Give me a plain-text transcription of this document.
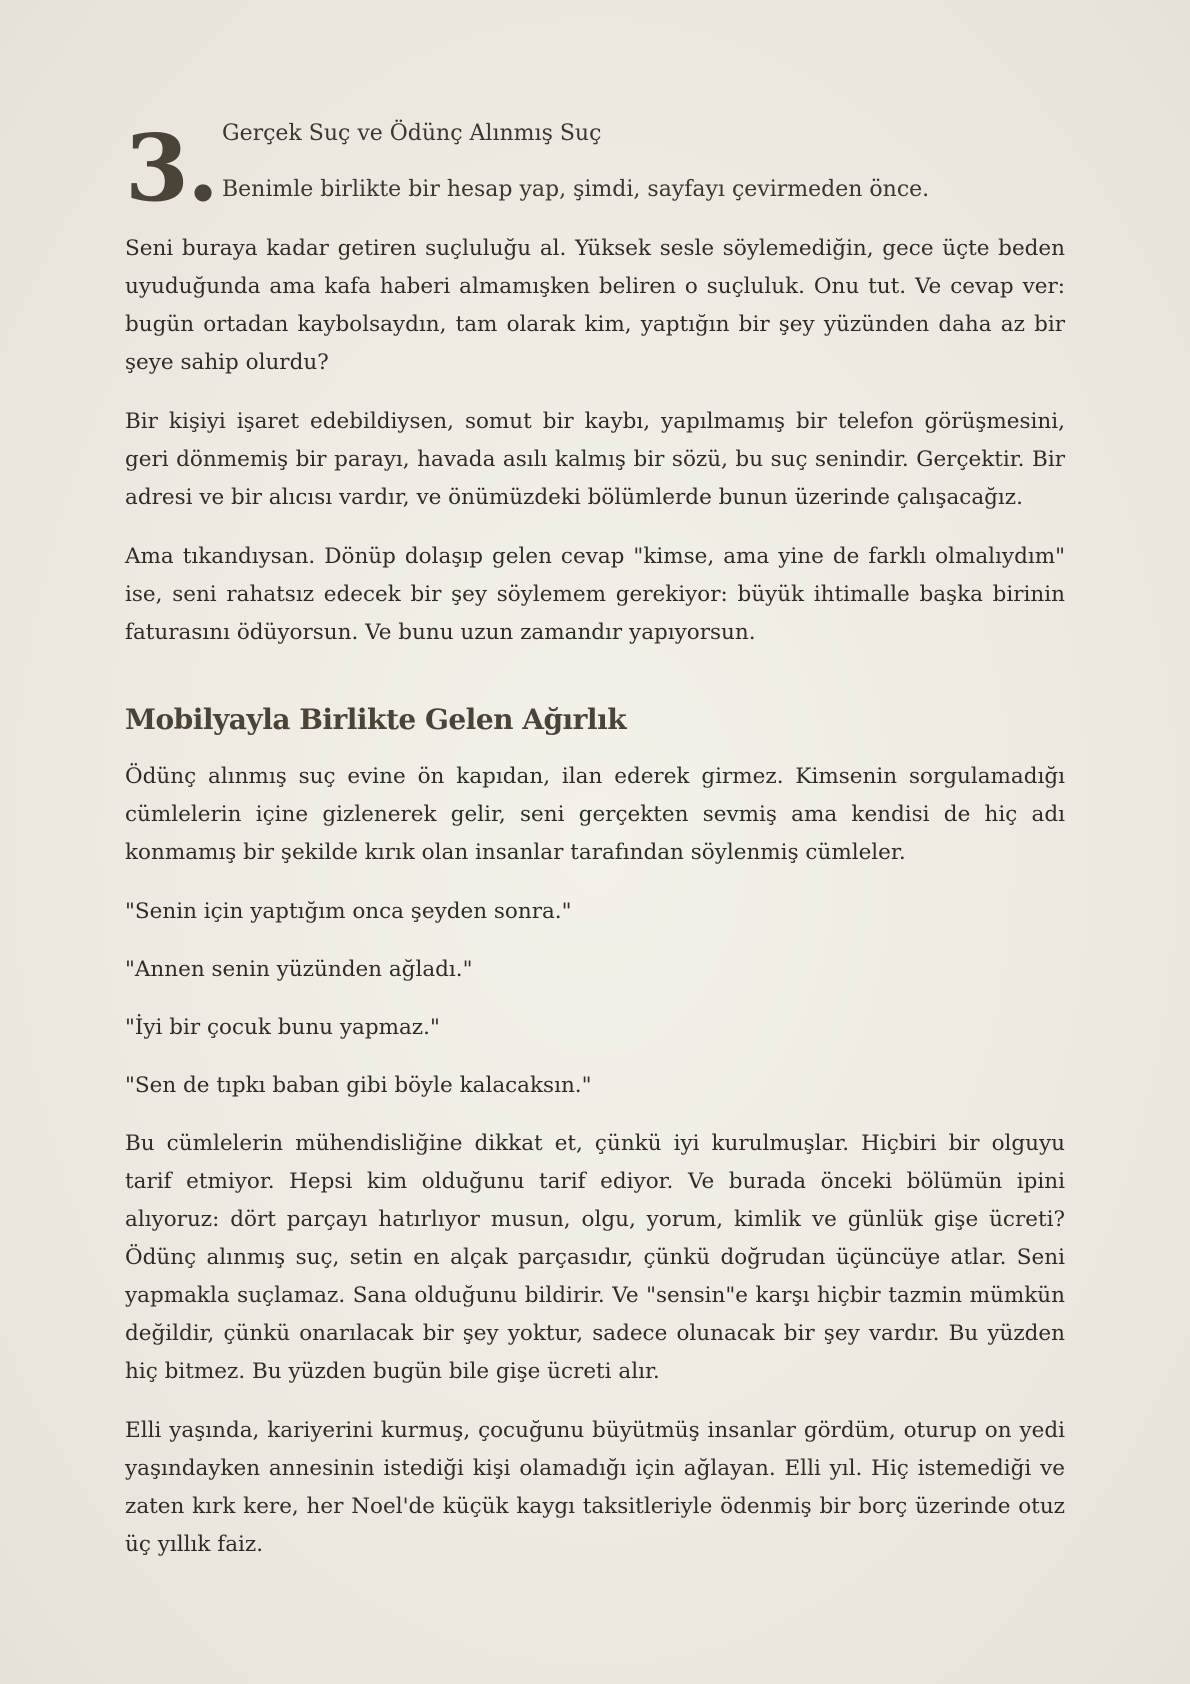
3. Gerçek Suç ve Ödünç Alınmış Suç
Benimle birlikte bir hesap yap, şimdi, sayfayı çevirmeden önce.

Seni buraya kadar getiren suçluluğu al. Yüksek sesle söylemediğin, gece üçte beden uyuduğunda ama kafa haberi almamışken beliren o suçluluk. Onu tut. Ve cevap ver: bugün ortadan kaybolsaydın, tam olarak kim, yaptığın bir şey yüzünden daha az bir şeye sahip olurdu?

Bir kişiyi işaret edebildiysen, somut bir kaybı, yapılmamış bir telefon görüşmesini, geri dönmemiş bir parayı, havada asılı kalmış bir sözü, bu suç senindir. Gerçektir. Bir adresi ve bir alıcısı vardır, ve önümüzdeki bölümlerde bunun üzerinde çalışacağız.

Ama tıkandıysan. Dönüp dolaşıp gelen cevap "kimse, ama yine de farklı olmalıydım" ise, seni rahatsız edecek bir şey söylemem gerekiyor: büyük ihtimalle başka birinin faturasını ödüyorsun. Ve bunu uzun zamandır yapıyorsun.

Mobilyayla Birlikte Gelen Ağırlık

Ödünç alınmış suç evine ön kapıdan, ilan ederek girmez. Kimsenin sorgulamadığı cümlelerin içine gizlenerek gelir, seni gerçekten sevmiş ama kendisi de hiç adı konmamış bir şekilde kırık olan insanlar tarafından söylenmiş cümleler.

"Senin için yaptığım onca şeyden sonra."

"Annen senin yüzünden ağladı."

"İyi bir çocuk bunu yapmaz."

"Sen de tıpkı baban gibi böyle kalacaksın."

Bu cümlelerin mühendisliğine dikkat et, çünkü iyi kurulmuşlar. Hiçbiri bir olguyu tarif etmiyor. Hepsi kim olduğunu tarif ediyor. Ve burada önceki bölümün ipini alıyoruz: dört parçayı hatırlıyor musun, olgu, yorum, kimlik ve günlük gişe ücreti? Ödünç alınmış suç, setin en alçak parçasıdır, çünkü doğrudan üçüncüye atlar. Seni yapmakla suçlamaz. Sana olduğunu bildirir. Ve "sensin"e karşı hiçbir tazmin mümkün değildir, çünkü onarılacak bir şey yoktur, sadece olunacak bir şey vardır. Bu yüzden hiç bitmez. Bu yüzden bugün bile gişe ücreti alır.

Elli yaşında, kariyerini kurmuş, çocuğunu büyütmüş insanlar gördüm, oturup on yedi yaşındayken annesinin istediği kişi olamadığı için ağlayan. Elli yıl. Hiç istemediği ve zaten kırk kere, her Noel'de küçük kaygı taksitleriyle ödenmiş bir borç üzerinde otuz üç yıllık faiz.
